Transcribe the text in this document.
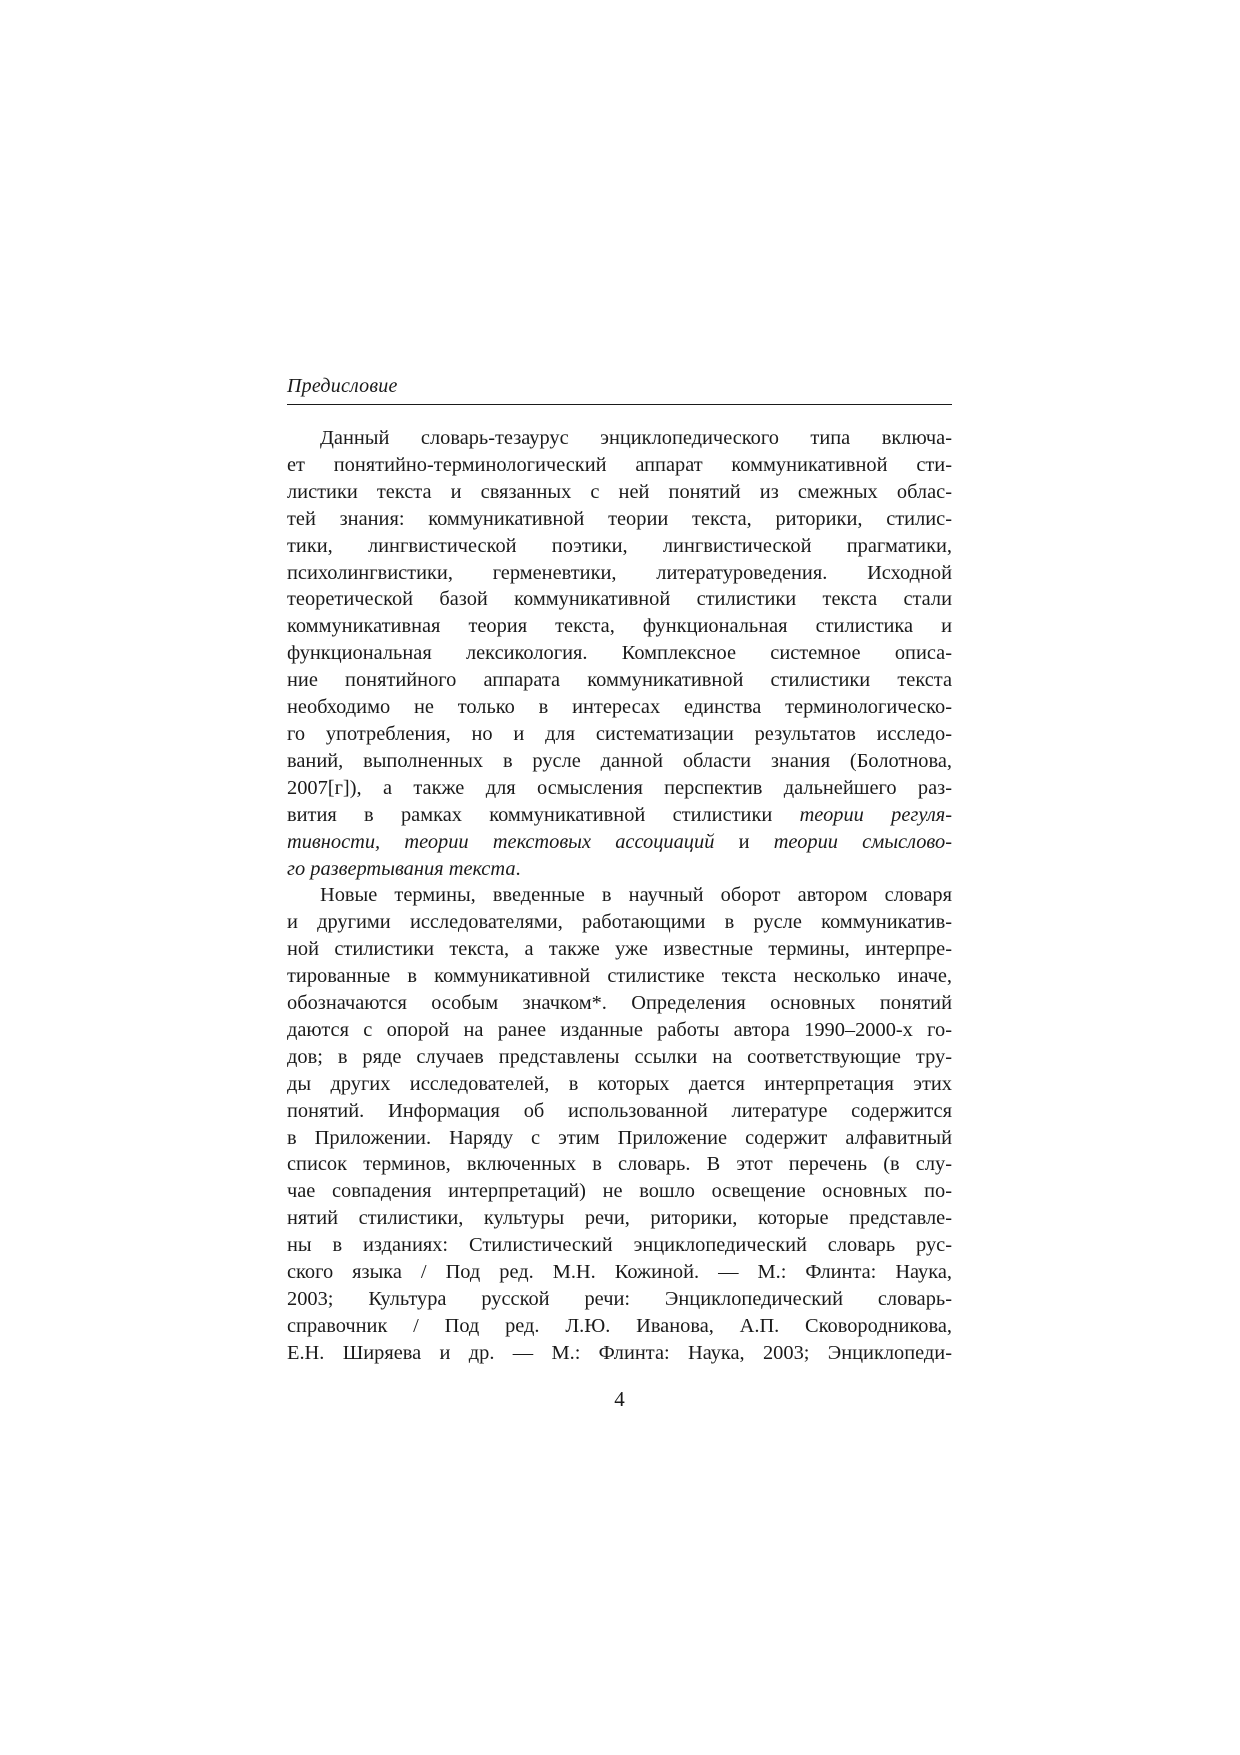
Предисловие

Данный словарь-тезаурус энциклопедического типа включа-
ет понятийно-терминологический аппарат коммуникативной сти-
листики текста и связанных с ней понятий из смежных облас-
тей знания: коммуникативной теории текста, риторики, стилис-
тики, лингвистической поэтики, лингвистической прагматики,
психолингвистики, герменевтики, литературоведения. Исходной
теоретической базой коммуникативной стилистики текста стали
коммуникативная теория текста, функциональная стилистика и
функциональная лексикология. Комплексное системное описа-
ние понятийного аппарата коммуникативной стилистики текста
необходимо не только в интересах единства терминологическо-
го употребления, но и для систематизации результатов исследо-
ваний, выполненных в русле данной области знания (Болотнова,
2007[г]), а также для осмысления перспектив дальнейшего раз-
вития в рамках коммуникативной стилистики теории регуля-
тивности, теории текстовых ассоциаций и теории смыслово-
го развертывания текста.

Новые термины, введенные в научный оборот автором словаря
и другими исследователями, работающими в русле коммуникатив-
ной стилистики текста, а также уже известные термины, интерпре-
тированные в коммуникативной стилистике текста несколько иначе,
обозначаются особым значком*. Определения основных понятий
даются с опорой на ранее изданные работы автора 1990–2000-х го-
дов; в ряде случаев представлены ссылки на соответствующие тру-
ды других исследователей, в которых дается интерпретация этих
понятий. Информация об использованной литературе содержится
в Приложении. Наряду с этим Приложение содержит алфавитный
список терминов, включенных в словарь. В этот перечень (в слу-
чае совпадения интерпретаций) не вошло освещение основных по-
нятий стилистики, культуры речи, риторики, которые представле-
ны в изданиях: Стилистический энциклопедический словарь рус-
ского языка / Под ред. М.Н. Кожиной. — М.: Флинта: Наука,
2003; Культура русской речи: Энциклопедический словарь-
справочник / Под ред. Л.Ю. Иванова, А.П. Сковородникова,
Е.Н. Ширяева и др. — М.: Флинта: Наука, 2003; Энциклопеди-

4
